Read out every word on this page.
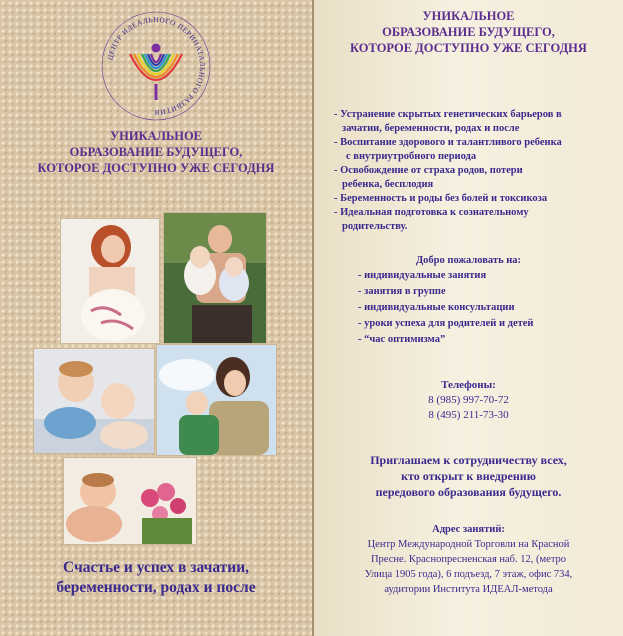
ЦЕНТР ИДЕАЛЬНОГО ПЕРИНАТАЛЬНОГО РАЗВИТИЯ
УНИКАЛЬНОЕ
ОБРАЗОВАНИЕ БУДУЩЕГО,
КОТОРОЕ ДОСТУПНО УЖЕ СЕГОДНЯ
Счастье и успех в зачатии,
беременности, родах и после
УНИКАЛЬНОЕ
ОБРАЗОВАНИЕ БУДУЩЕГО,
КОТОРОЕ ДОСТУПНО УЖЕ СЕГОДНЯ
- Устранение скрытых генетических барьеров в
зачатии, беременности, родах и после
- Воспитание здорового и талантливого ребенка
с внутриутробного периода
- Освобождение от страха родов, потери
ребенка, бесплодия
- Беременность и роды без болей и токсикоза
- Идеальная подготовка к сознательному
родительству.
Добро пожаловать на:
- индивидуальные занятия
- занятия в группе
- индивидуальные консультации
- уроки успеха для родителей и детей
- “час оптимизма”
Телефоны:
8 (985) 997-70-72
8 (495) 211-73-30
Приглашаем к сотрудничеству всех,
кто открыт к внедрению
передового образования будущего.
Адрес занятий:
Центр Международной Торговли на Красной
Пресне. Краснопресненская наб. 12, (метро
Улица 1905 года), 6 подъезд, 7 этаж, офис 734,
аудитории Института ИДЕАЛ-метода
